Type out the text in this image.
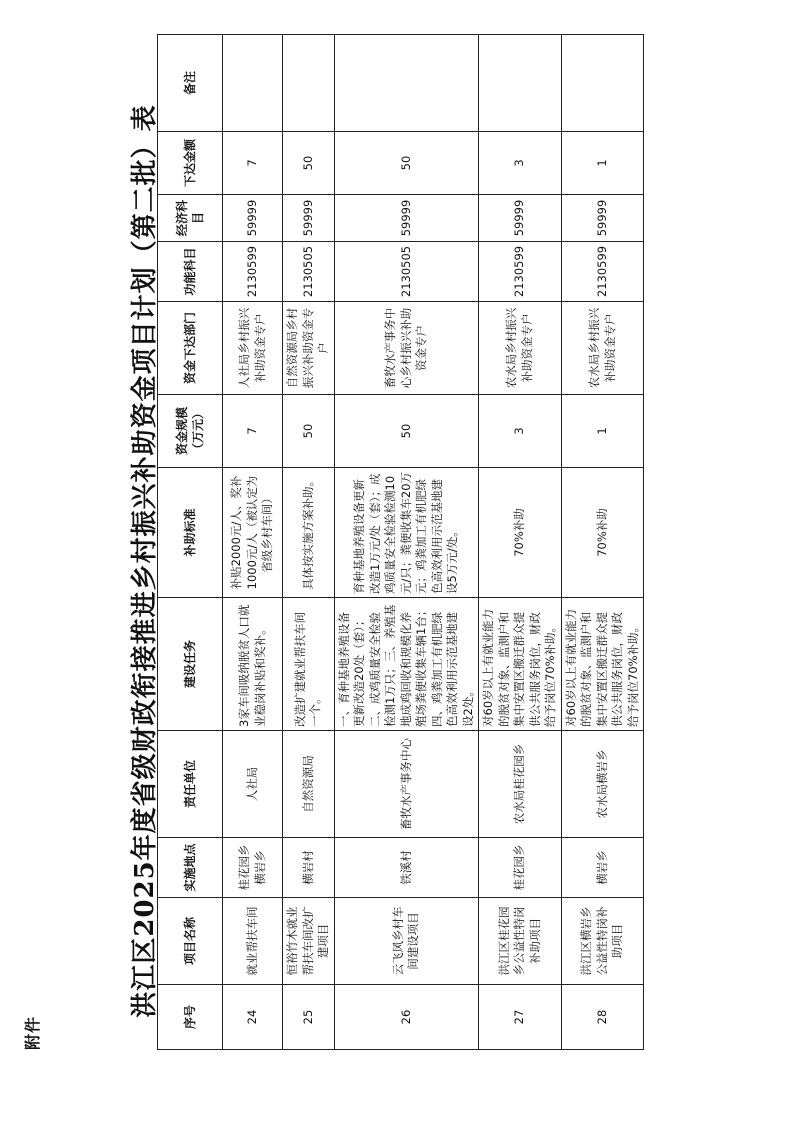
附件
洪江区2025年度省级财政衔接推进乡村振兴补助资金项目计划（第二批）表 序号	项目名称	实施地点	责任单位	建设任务	补助标准	资金规模（万元）	资金下达部门	功能科目	经济科目	下达金额	备注
24	就业帮扶车间	桂花园乡横岩乡	人社局	3家车间吸纳脱贫人口就业稳岗补贴和奖补。	补贴2000元/人、奖补1000元/人（被认定为省级乡村车间）	7	人社局乡村振兴补助资金专户	2130599	59999	7	
25	恒裕竹木就业帮扶车间改扩建项目	横岩村	自然资源局	改造扩建就业帮扶车间一个。	具体按实施方案补助。	50	自然资源局乡村振兴补助资金专户	2130505	59999	50	
26	云飞风乡村车间建设项目	铁溪村	畜牧水产事务中心	一、育种基地养殖设备更新改造20处（套）；二、成鸡质量安全检验检测1万只；三、养殖基地成鸡回收和规模化养殖场粪便收集车辆1台；四、鸡粪加工有机肥绿色高效利用示范基地建设2处。	育种基地养殖设备更新改造1万元/处（套）；成鸡质量安全检验检测10元/只；粪便收集车20万元；鸡粪加工有机肥绿色高效利用示范基地建设5万元/处。	50	畜牧水产事务中心乡村振兴补助资金专户	2130505	59999	50	
27	洪江区桂花园乡公益性特岗补助项目	桂花园乡	农水局桂花园乡	对60岁以上有就业能力的脱贫对象、监测户和集中安置区搬迁群众提供公共服务岗位，财政给予岗位70%补助。	70%补助	3	农水局乡村振兴补助资金专户	2130599	59999	3	
28	洪江区横岩乡公益性特岗补助项目	横岩乡	农水局横岩乡	对60岁以上有就业能力的脱贫对象、监测户和集中安置区搬迁群众提供公共服务岗位，财政给予岗位70%补助。	70%补助	1	农水局乡村振兴补助资金专户	2130599	59999	1	
